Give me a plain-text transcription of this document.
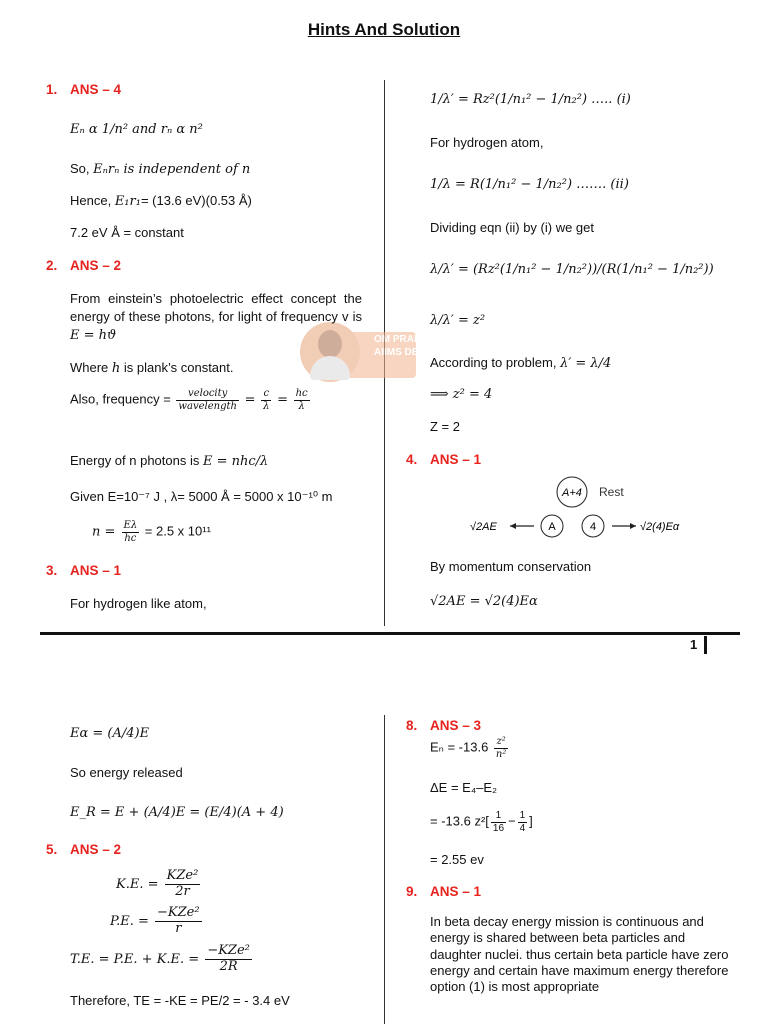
Hints And Solution
OM PRABHU
AIIMS DELHI
1. ANS – 4
Eₙ α 1/n² and rₙ α n²
So, Eₙrₙ is independent of n
Hence, E₁r₁= (13.6 eV)(0.53 Å)
7.2 eV Å = constant
2. ANS – 2
From einstein’s photoelectric effect concept the energy of these photons, for light of frequency v is E = hϑ
Where h is plank’s constant.
Also, frequency =	velocity
wavelength = $\frac{c}{\lambda} = \frac{hc}{\lambda}$
Energy of n photons is E = nhc/λ
Given E=10⁻⁷ J , λ= 5000 Å = 5000 x 10⁻¹⁰ m
$n = \frac{E\lambda}{hc} = 2.5$ x 10¹¹
3. ANS – 1
For hydrogen like atom,
1/λ′ = Rz²(1/n₁² − 1/n₂²) ….. (i)
For hydrogen atom,
1/λ = R(1/n₁² − 1/n₂²) ……. (ii)
Dividing eqn (ii) by (i) we get
λ/λ′ = (Rz²(1/n₁² − 1/n₂²))/(R(1/n₁² − 1/n₂²))
λ/λ′ = z²
According to problem, λ′ = λ/4
⟹ z² = 4
Z = 2
4. ANS – 1
A+4 Rest
√2AE	A	4	√2(4)Eα
By momentum conservation
√2AE = √2(4)Eα
1
Eα = (A/4)E
So energy released
E_R = E + (A/4)E = (E/4)(A + 4)
5. ANS – 2
K.E. =
KZe²
2r
P.E. =
−KZe²
r
T.E. = P.E. + K.E. =
−KZe²
2R
Therefore, TE = -KE = PE/2 = - 3.4 eV
8. ANS – 3
$E_n = -13.6 \frac{\text{z²}}{\text{n²}}$
ΔE = E₄–E₂
= -13.6 $z^2[ \frac{1}{16} - \frac{1}{4}$ ]
= 2.55 ev
9. ANS – 1
In beta decay energy mission is continuous and energy is shared between beta particles and daughter nuclei. thus certain beta particle have zero energy and certain have maximum energy therefore option (1) is most appropriate
